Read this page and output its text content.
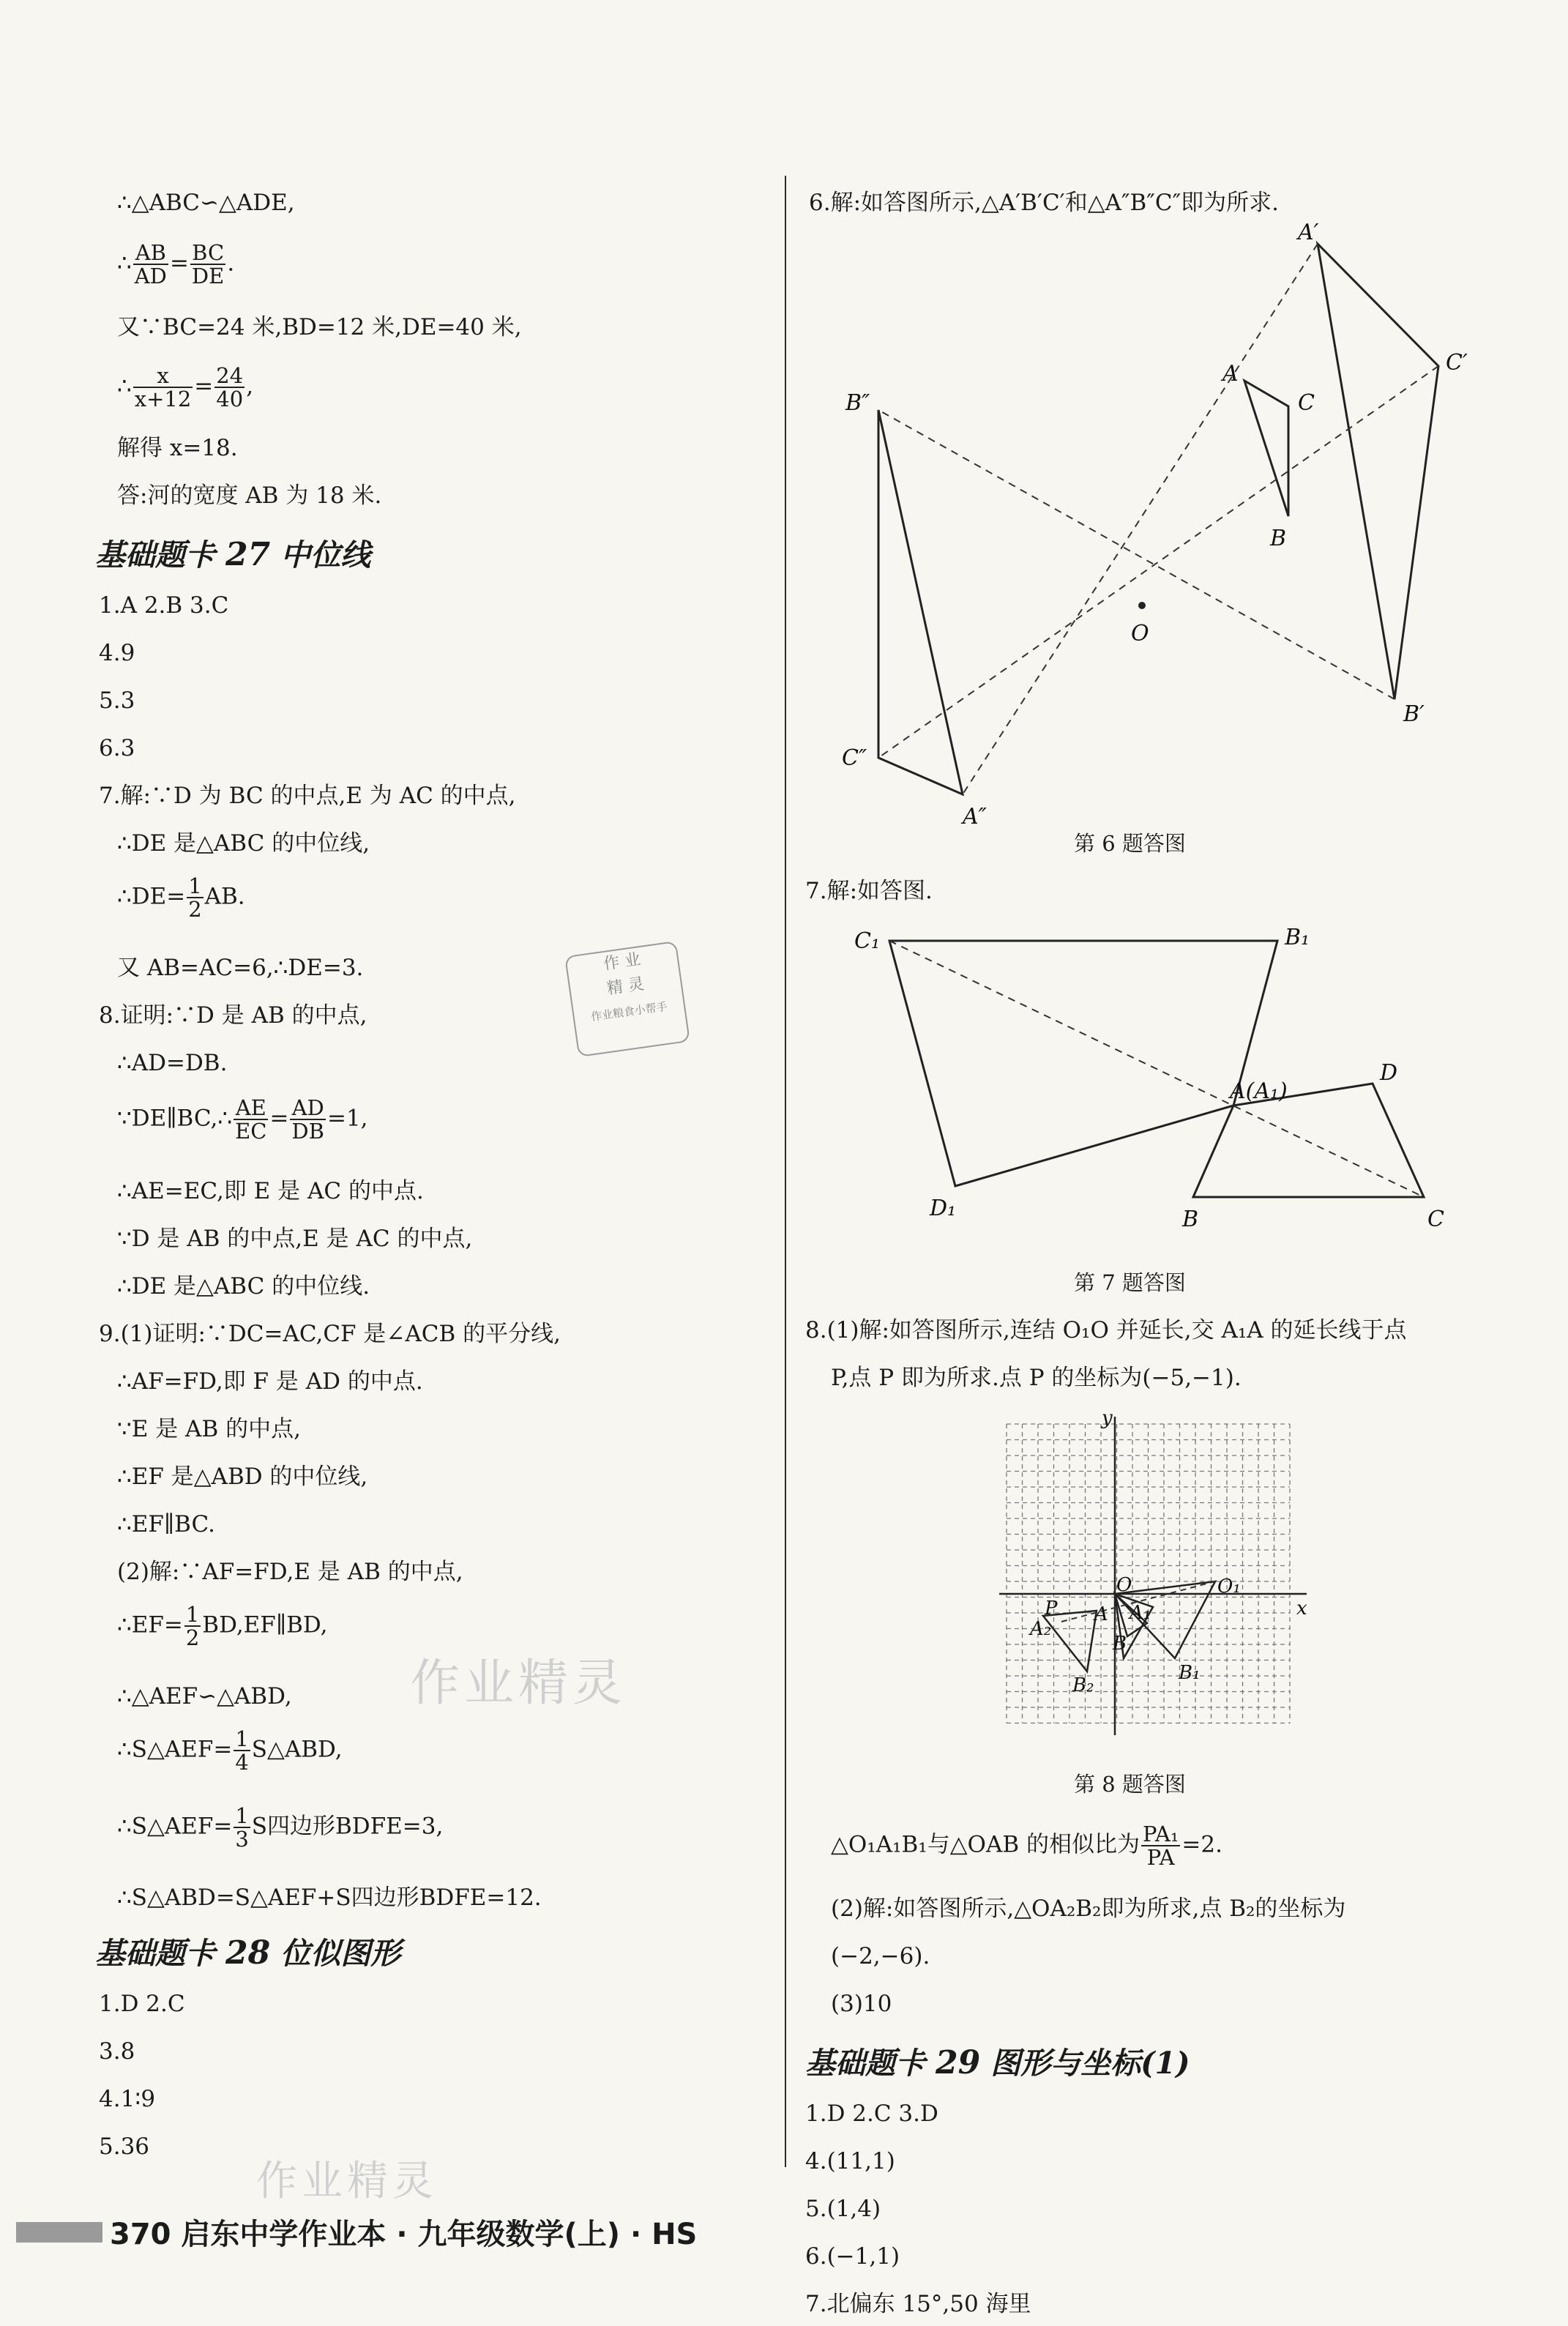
∴△ABC∽△ADE,
∴ $\frac{AB}{AD} = \frac{BC}{DE}$ .
又∵BC=24 米,BD=12 米,DE=40 米,
∴ $\frac{x}{x+12} = \frac{24}{40}$ ,
解得 x=18.
答:河的宽度 AB 为 18 米.
基础题卡 27 中位线
1.A 2.B 3.C
4.9
5.3
6.3
7.解:∵D 为 BC 的中点,E 为 AC 的中点,
∴DE 是△ABC 的中位线,
∴DE= $\frac{1}{2}$ AB.
又 AB=AC=6,∴DE=3.
8.证明:∵D 是 AB 的中点,
∴AD=DB.
∵DE∥BC,∴ $\frac{AE}{EC} = \frac{AD}{DB} =1$,
∴AE=EC,即 E 是 AC 的中点.
∵D 是 AB 的中点,E 是 AC 的中点,
∴DE 是△ABC 的中位线.
9.(1)证明:∵DC=AC,CF 是∠ACB 的平分线,
∴AF=FD,即 F 是 AD 的中点.
∵E 是 AB 的中点,
∴EF 是△ABD 的中位线,
∴EF∥BC.
(2)解:∵AF=FD,E 是 AB 的中点,
∴EF= $\frac{1}{2}$ BD,EF∥BD,
∴△AEF∽△ABD,
∴S△AEF= $\frac{1}{4}$ S△ABD,
∴S△AEF= $\frac{1}{3}$ S四边形BDFE=3,
∴S△ABD=S△AEF+S四边形BDFE=12.
基础题卡 28 位似图形
1.D 2.C
3.8
4.1∶9
5.36
6.解:如答图所示,△A′B′C′和△A″B″C″即为所求.
A′
C′
B′
A
C
B
O
B″
C″
A″
第 6 题答图
7.解:如答图.
C₁	B₁
D
A(A₁)
D₁	B	C
第 7 题答图
8.(1)解:如答图所示,连结 O₁O 并延长,交 A₁A 的延长线于点
P,点 P 即为所求.点 P 的坐标为(−5,−1).
y
x
O	O₁
P
A₂
A A₁
B
B₂
B₁
第 8 题答图
△O₁A₁B₁与△OAB 的相似比为 $\frac{\text{PA₁}}{PA} =2$.
(2)解:如答图所示,△OA₂B₂即为所求,点 B₂的坐标为
(−2,−6).
(3)10
基础题卡 29 图形与坐标(1)
1.D 2.C 3.D
4.(11,1)
5.(1,4)
6.(−1,1)
7.北偏东 15°,50 海里
作 业
精 灵
作业粮食小帮手
作业精灵
作业精灵
370 启东中学作业本 · 九年级数学(上) · HS
